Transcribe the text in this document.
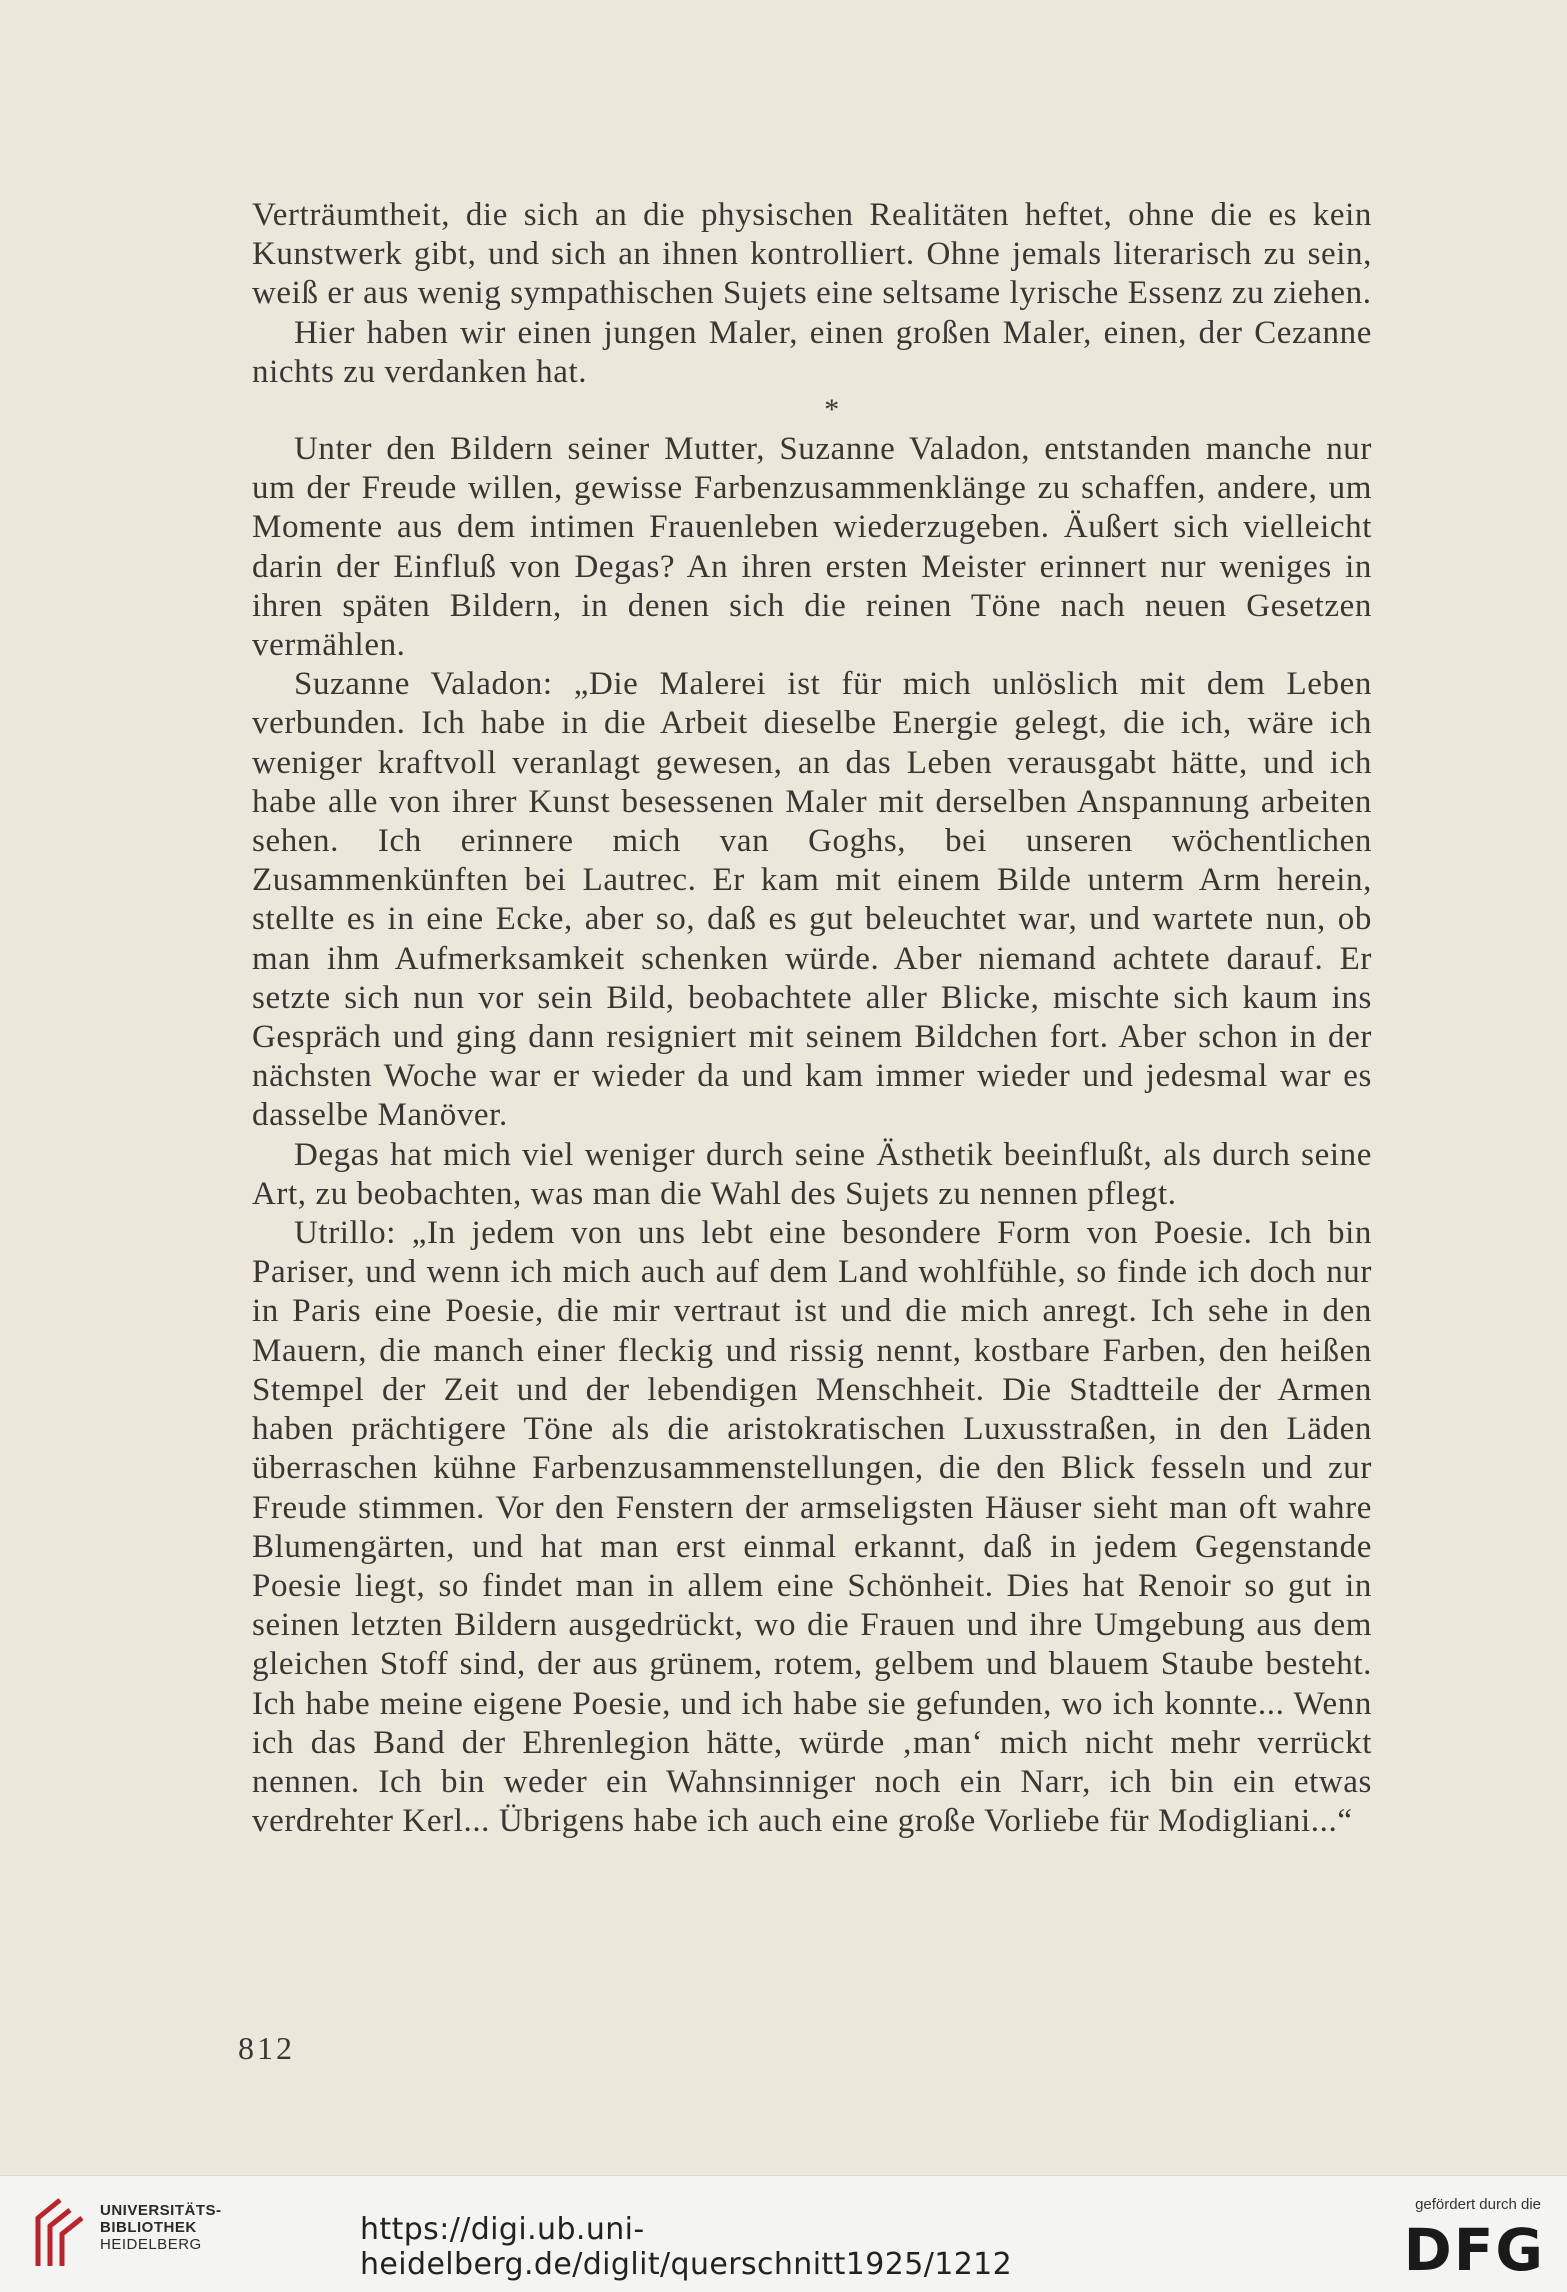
Verträumtheit, die sich an die physischen Realitäten heftet, ohne die es kein Kunstwerk gibt, und sich an ihnen kontrolliert. Ohne jemals literarisch zu sein, weiß er aus wenig sympathischen Sujets eine seltsame lyrische Essenz zu ziehen.

Hier haben wir einen jungen Maler, einen großen Maler, einen, der Cezanne nichts zu verdanken hat.

*

Unter den Bildern seiner Mutter, Suzanne Valadon, entstanden manche nur um der Freude willen, gewisse Farbenzusammenklänge zu schaffen, andere, um Momente aus dem intimen Frauenleben wiederzugeben. Äußert sich vielleicht darin der Einfluß von Degas? An ihren ersten Meister erinnert nur weniges in ihren späten Bildern, in denen sich die reinen Töne nach neuen Gesetzen vermählen.

Suzanne Valadon: „Die Malerei ist für mich unlöslich mit dem Leben verbunden. Ich habe in die Arbeit dieselbe Energie gelegt, die ich, wäre ich weniger kraftvoll veranlagt gewesen, an das Leben verausgabt hätte, und ich habe alle von ihrer Kunst besessenen Maler mit derselben Anspannung arbeiten sehen. Ich erinnere mich van Goghs, bei unseren wöchentlichen Zusammenkünften bei Lautrec. Er kam mit einem Bilde unterm Arm herein, stellte es in eine Ecke, aber so, daß es gut beleuchtet war, und wartete nun, ob man ihm Aufmerksamkeit schenken würde. Aber niemand achtete darauf. Er setzte sich nun vor sein Bild, beobachtete aller Blicke, mischte sich kaum ins Gespräch und ging dann resigniert mit seinem Bildchen fort. Aber schon in der nächsten Woche war er wieder da und kam immer wieder und jedesmal war es dasselbe Manöver.

Degas hat mich viel weniger durch seine Ästhetik beeinflußt, als durch seine Art, zu beobachten, was man die Wahl des Sujets zu nennen pflegt.

Utrillo: „In jedem von uns lebt eine besondere Form von Poesie. Ich bin Pariser, und wenn ich mich auch auf dem Land wohlfühle, so finde ich doch nur in Paris eine Poesie, die mir vertraut ist und die mich anregt. Ich sehe in den Mauern, die manch einer fleckig und rissig nennt, kostbare Farben, den heißen Stempel der Zeit und der lebendigen Menschheit. Die Stadtteile der Armen haben prächtigere Töne als die aristokratischen Luxusstraßen, in den Läden überraschen kühne Farbenzusammenstellungen, die den Blick fesseln und zur Freude stimmen. Vor den Fenstern der armseligsten Häuser sieht man oft wahre Blumengärten, und hat man erst einmal erkannt, daß in jedem Gegenstande Poesie liegt, so findet man in allem eine Schönheit. Dies hat Renoir so gut in seinen letzten Bildern ausgedrückt, wo die Frauen und ihre Umgebung aus dem gleichen Stoff sind, der aus grünem, rotem, gelbem und blauem Staube besteht. Ich habe meine eigene Poesie, und ich habe sie gefunden, wo ich konnte... Wenn ich das Band der Ehrenlegion hätte, würde ‚man‘ mich nicht mehr verrückt nennen. Ich bin weder ein Wahnsinniger noch ein Narr, ich bin ein etwas verdrehter Kerl... Übrigens habe ich auch eine große Vorliebe für Modigliani...“

812
UNIVERSITÄTS-
BIBLIOTHEK
HEIDELBERG	https://digi.ub.uni-heidelberg.de/diglit/querschnitt1925/1212
gefördert durch die
DFG
